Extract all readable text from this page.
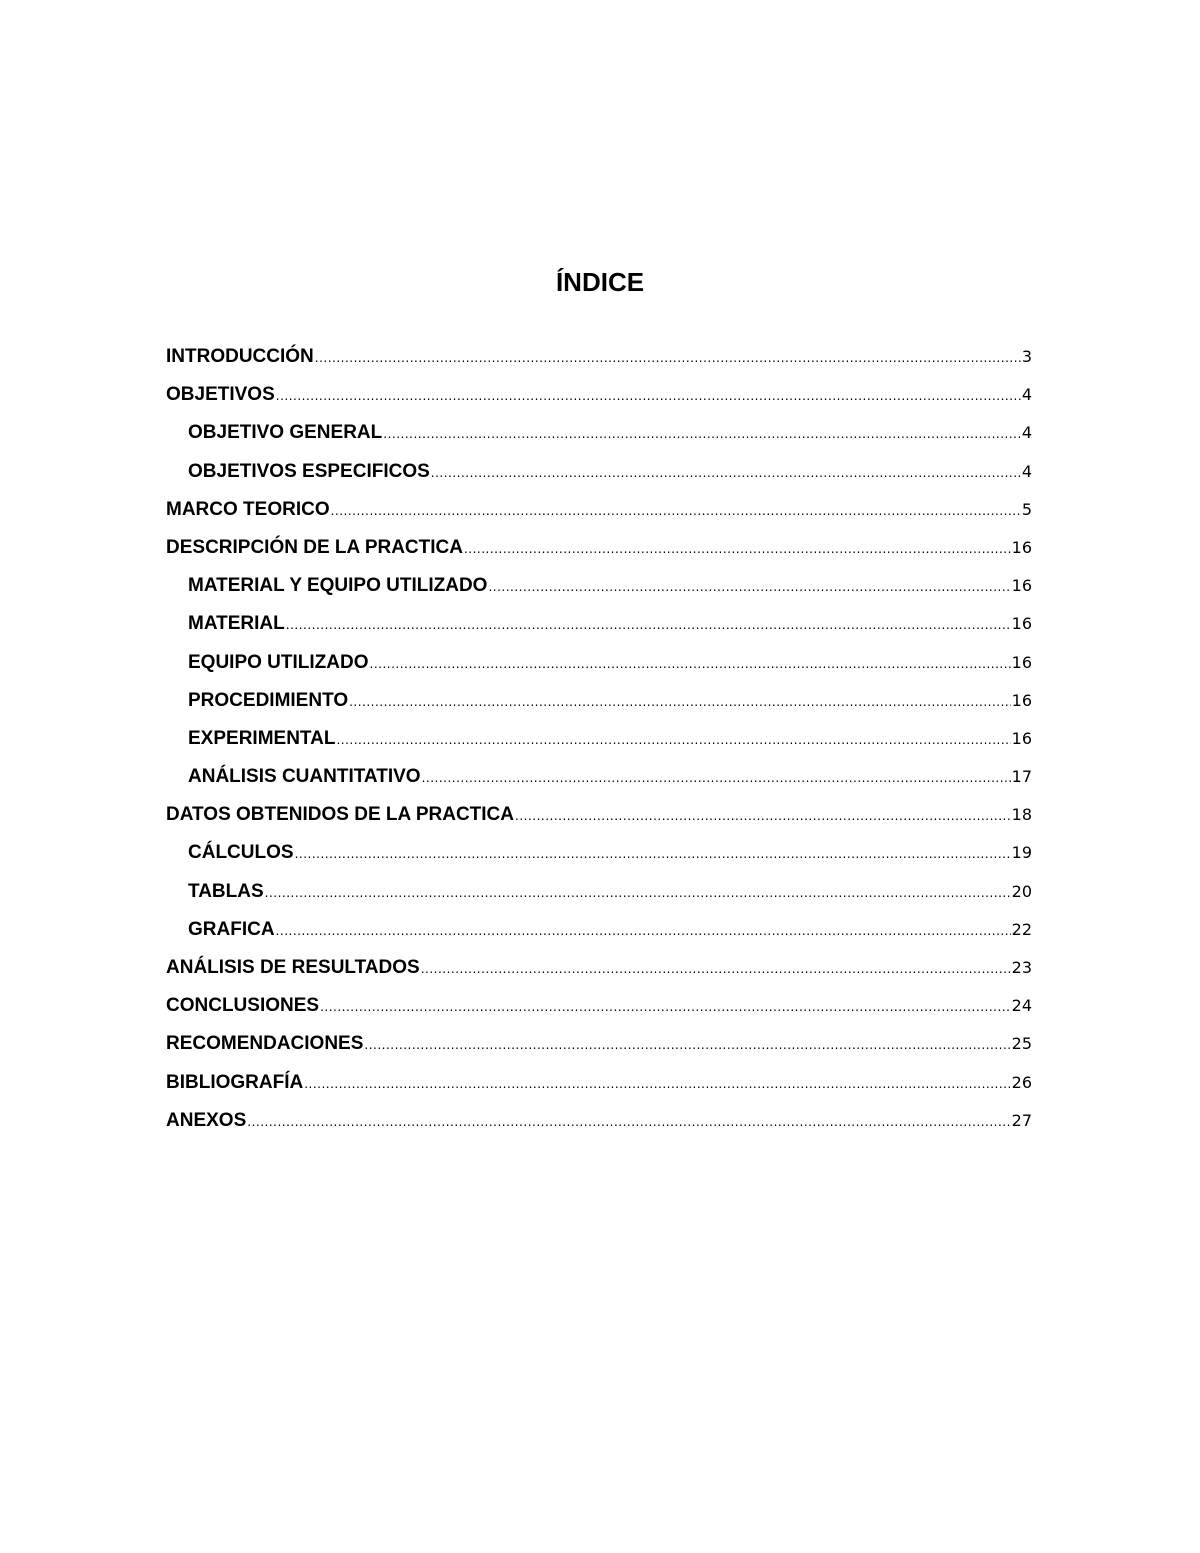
ÍNDICE
INTRODUCCIÓN .....	3
OBJETIVOS .....	4
OBJETIVO GENERAL .....	4
OBJETIVOS ESPECIFICOS .....	4
MARCO TEORICO .....	5
DESCRIPCIÓN DE LA PRACTICA .....	16
MATERIAL Y EQUIPO UTILIZADO .....	16
MATERIAL .....	16
EQUIPO UTILIZADO .....	16
PROCEDIMIENTO .....	16
EXPERIMENTAL .....	16
ANÁLISIS CUANTITATIVO .....	17
DATOS OBTENIDOS DE LA PRACTICA .....	18
CÁLCULOS .....	19
TABLAS .....	20
GRAFICA .....	22
ANÁLISIS DE RESULTADOS .....	23
CONCLUSIONES .....	24
RECOMENDACIONES .....	25
BIBLIOGRAFÍA .....	26
ANEXOS .....	27
